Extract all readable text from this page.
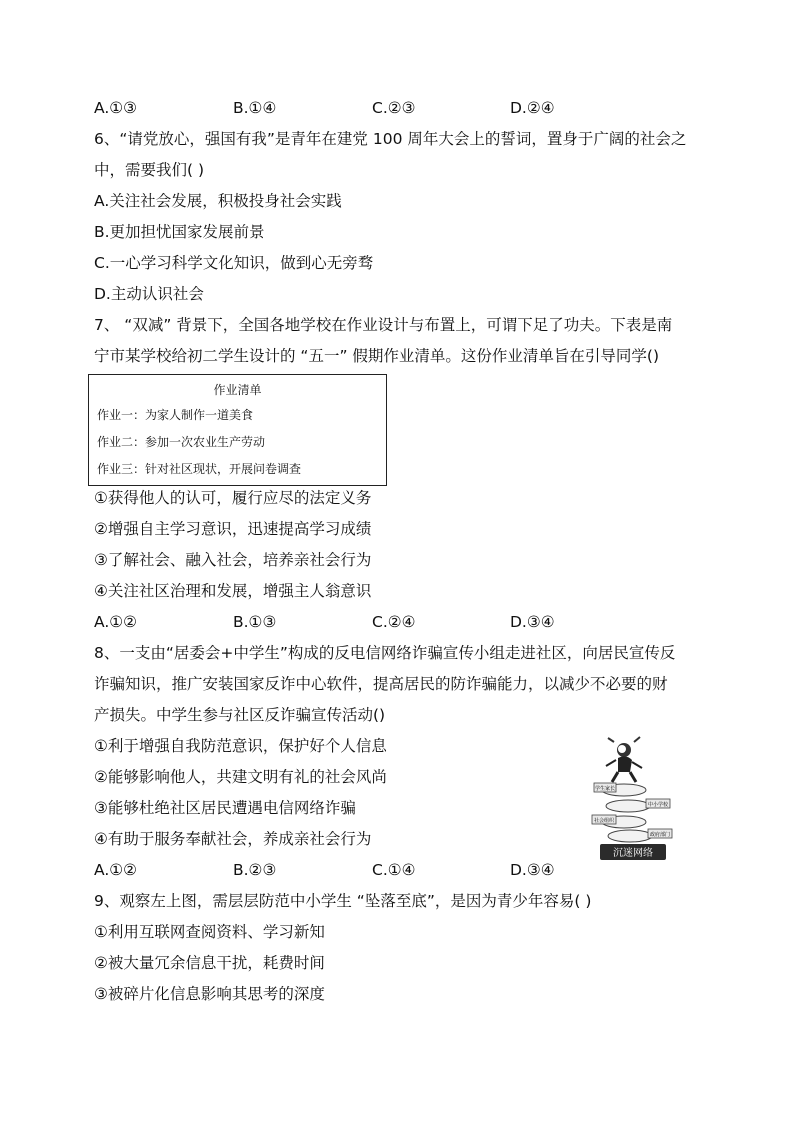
A.①③	B.①④	C.②③	D.②④
6、“请党放心，强国有我”是青年在建党 100 周年大会上的誓词，置身于广阔的社会之
中，需要我们( )
A.关注社会发展，积极投身社会实践
B.更加担忧国家发展前景
C.一心学习科学文化知识，做到心无旁骛
D.主动认识社会
7、 “双减” 背景下，全国各地学校在作业设计与布置上，可谓下足了功夫。下表是南
宁市某学校给初二学生设计的 “五一” 假期作业清单。这份作业清单旨在引导同学()
作业清单
作业一：为家人制作一道美食
作业二：参加一次农业生产劳动
作业三：针对社区现状，开展问卷调查
①获得他人的认可，履行应尽的法定义务
②增强自主学习意识，迅速提高学习成绩
③了解社会、融入社会，培养亲社会行为
④关注社区治理和发展，增强主人翁意识
A.①②	B.①③	C.②④	D.③④
8、一支由“居委会+中学生”构成的反电信网络诈骗宣传小组走进社区，向居民宣传反
诈骗知识，推广安装国家反诈中心软件，提高居民的防诈骗能力，以减少不必要的财
产损失。中学生参与社区反诈骗宣传活动()
①利于增强自我防范意识，保护好个人信息
②能够影响他人，共建文明有礼的社会风尚
③能够杜绝社区居民遭遇电信网络诈骗
④有助于服务奉献社会，养成亲社会行为
A.①②	B.②③	C.①④	D.③④
学生家长
中小学校
社会组织
政府部门
沉迷网络
9、观察左上图，需层层防范中小学生 “坠落至底”，是因为青少年容易( )
①利用互联网查阅资料、学习新知
②被大量冗余信息干扰，耗费时间
③被碎片化信息影响其思考的深度
